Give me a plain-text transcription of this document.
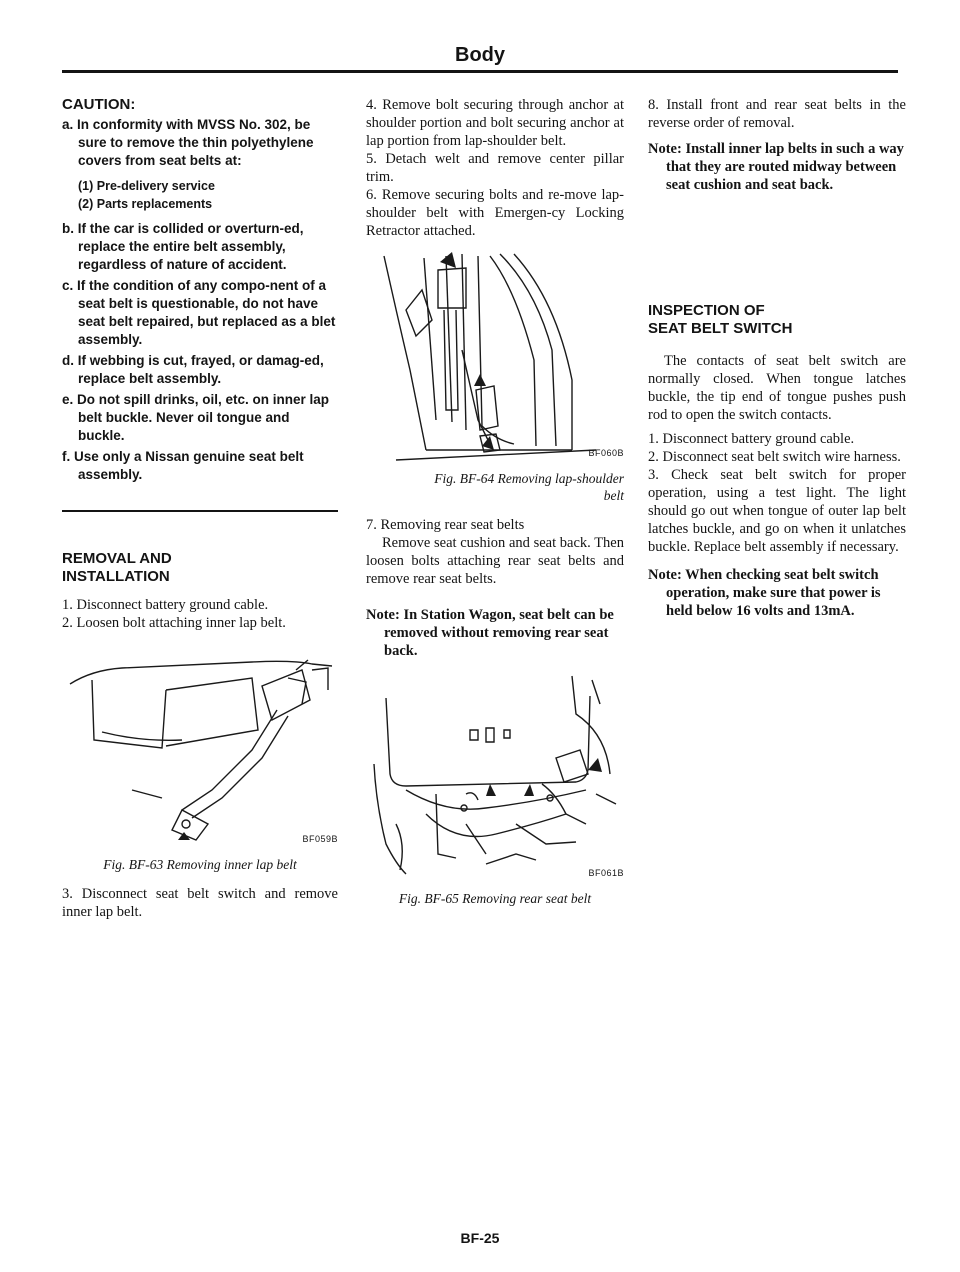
Body

CAUTION:

a. In conformity with MVSS No. 302, be sure to remove the thin polyethylene covers from seat belts at:

(1) Pre-delivery service

(2) Parts replacements

b. If the car is collided or overturn-ed, replace the entire belt assembly, regardless of nature of accident.

c. If the condition of any compo-nent of a seat belt is questionable, do not have seat belt repaired, but replaced as a blet assembly.

d. If webbing is cut, frayed, or damag-ed, replace belt assembly.

e. Do not spill drinks, oil, etc. on inner lap belt buckle. Never oil tongue and buckle.

f. Use only a Nissan genuine seat belt assembly.

REMOVAL AND
INSTALLATION

1. Disconnect battery ground cable.

2. Loosen bolt attaching inner lap belt.

BF059B

Fig. BF-63 Removing inner lap belt

3. Disconnect seat belt switch and remove inner lap belt.

4. Remove bolt securing through anchor at shoulder portion and bolt securing anchor at lap portion from lap-shoulder belt.

5. Detach welt and remove center pillar trim.

6. Remove securing bolts and re-move lap-shoulder belt with Emergen-cy Locking Retractor attached.

BF060B

Fig. BF-64 Removing lap-shoulder
belt

7. Removing rear seat belts

Remove seat cushion and seat back. Then loosen bolts attaching rear seat belts and remove rear seat belts.

Note: In Station Wagon, seat belt can be removed without removing rear seat back.

BF061B

Fig. BF-65 Removing rear seat belt

8. Install front and rear seat belts in the reverse order of removal.

Note: Install inner lap belts in such a way that they are routed midway between seat cushion and seat back.

INSPECTION OF
SEAT BELT SWITCH

The contacts of seat belt switch are normally closed. When tongue latches buckle, the tip end of tongue pushes push rod to open the switch contacts.

1. Disconnect battery ground cable.

2. Disconnect seat belt switch wire harness.

3. Check seat belt switch for proper operation, using a test light. The light should go out when tongue of outer lap belt latches buckle, and go on when it unlatches buckle. Replace belt assembly if necessary.

Note: When checking seat belt switch operation, make sure that power is held below 16 volts and 13mA.

BF-25
